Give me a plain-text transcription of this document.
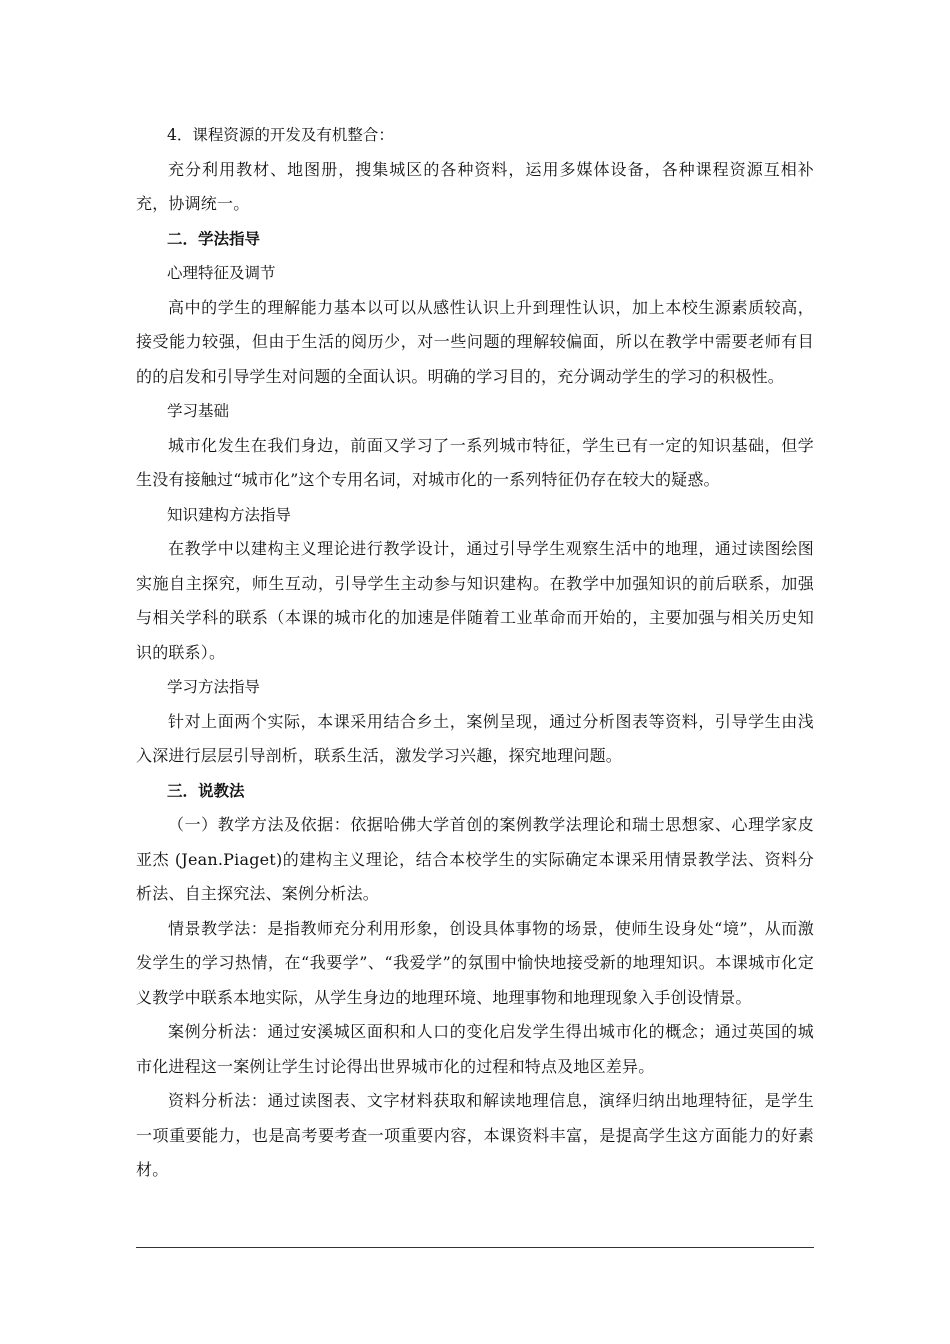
4．课程资源的开发及有机整合：

充分利用教材、地图册，搜集城区的各种资料，运用多媒体设备，各种课程资源互相补充，协调统一。

二．学法指导

心理特征及调节

高中的学生的理解能力基本以可以从感性认识上升到理性认识，加上本校生源素质较高，接受能力较强，但由于生活的阅历少，对一些问题的理解较偏面，所以在教学中需要老师有目的的启发和引导学生对问题的全面认识。明确的学习目的，充分调动学生的学习的积极性。

学习基础

城市化发生在我们身边，前面又学习了一系列城市特征，学生已有一定的知识基础，但学生没有接触过“城市化”这个专用名词，对城市化的一系列特征仍存在较大的疑惑。

知识建构方法指导

在教学中以建构主义理论进行教学设计，通过引导学生观察生活中的地理，通过读图绘图实施自主探究，师生互动，引导学生主动参与知识建构。在教学中加强知识的前后联系，加强与相关学科的联系（本课的城市化的加速是伴随着工业革命而开始的，主要加强与相关历史知识的联系）。

学习方法指导

针对上面两个实际，本课采用结合乡土，案例呈现，通过分析图表等资料，引导学生由浅入深进行层层引导剖析，联系生活，激发学习兴趣，探究地理问题。

三．说教法

（一）教学方法及依据：依据哈佛大学首创的案例教学法理论和瑞士思想家、心理学家皮亚杰 (Jean.Piaget)的建构主义理论，结合本校学生的实际确定本课采用情景教学法、资料分析法、自主探究法、案例分析法。

情景教学法：是指教师充分利用形象，创设具体事物的场景，使师生设身处“境”，从而激发学生的学习热情，在“我要学”、“我爱学”的氛围中愉快地接受新的地理知识。本课城市化定义教学中联系本地实际，从学生身边的地理环境、地理事物和地理现象入手创设情景。

案例分析法：通过安溪城区面积和人口的变化启发学生得出城市化的概念；通过英国的城市化进程这一案例让学生讨论得出世界城市化的过程和特点及地区差异。

资料分析法：通过读图表、文字材料获取和解读地理信息，演绎归纳出地理特征，是学生一项重要能力，也是高考要考查一项重要内容，本课资料丰富，是提高学生这方面能力的好素材。
